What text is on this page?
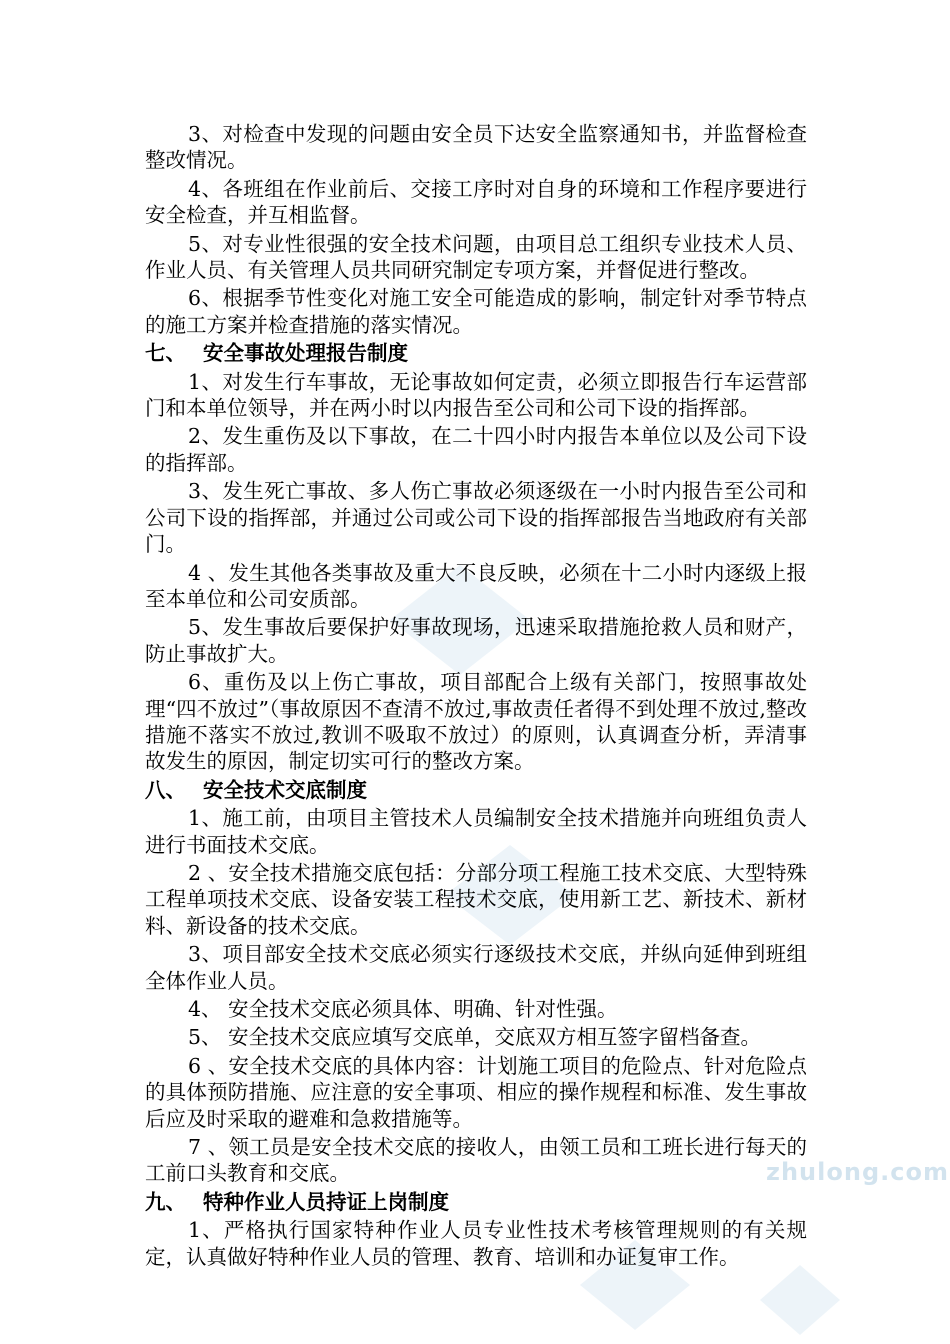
zhulong.com

3、对检查中发现的问题由安全员下达安全监察通知书，并监督检查整改情况。

4、各班组在作业前后、交接工序时对自身的环境和工作程序要进行安全检查，并互相监督。

5、对专业性很强的安全技术问题，由项目总工组织专业技术人员、作业人员、有关管理人员共同研究制定专项方案，并督促进行整改。

6、根据季节性变化对施工安全可能造成的影响，制定针对季节特点的施工方案并检查措施的落实情况。

七、 安全事故处理报告制度

1、对发生行车事故，无论事故如何定责，必须立即报告行车运营部门和本单位领导，并在两小时以内报告至公司和公司下设的指挥部。

2、发生重伤及以下事故，在二十四小时内报告本单位以及公司下设的指挥部。

3、发生死亡事故、多人伤亡事故必须逐级在一小时内报告至公司和公司下设的指挥部，并通过公司或公司下设的指挥部报告当地政府有关部门。

4 、发生其他各类事故及重大不良反映，必须在十二小时内逐级上报至本单位和公司安质部。

5、发生事故后要保护好事故现场，迅速采取措施抢救人员和财产，防止事故扩大。

6、重伤及以上伤亡事故，项目部配合上级有关部门，按照事故处理“四不放过”（事故原因不查清不放过,事故责任者得不到处理不放过,整改措施不落实不放过,教训不吸取不放过）的原则，认真调查分析，弄清事故发生的原因，制定切实可行的整改方案。

八、 安全技术交底制度

1、施工前，由项目主管技术人员编制安全技术措施并向班组负责人进行书面技术交底。

2 、安全技术措施交底包括：分部分项工程施工技术交底、大型特殊工程单项技术交底、设备安装工程技术交底，使用新工艺、新技术、新材料、新设备的技术交底。

3、项目部安全技术交底必须实行逐级技术交底，并纵向延伸到班组全体作业人员。

4、 安全技术交底必须具体、明确、针对性强。

5、 安全技术交底应填写交底单，交底双方相互签字留档备查。

6 、安全技术交底的具体内容：计划施工项目的危险点、针对危险点的具体预防措施、应注意的安全事项、相应的操作规程和标准、发生事故后应及时采取的避难和急救措施等。

7 、领工员是安全技术交底的接收人，由领工员和工班长进行每天的工前口头教育和交底。

九、 特种作业人员持证上岗制度

1、严格执行国家特种作业人员专业性技术考核管理规则的有关规定，认真做好特种作业人员的管理、教育、培训和办证复审工作。
